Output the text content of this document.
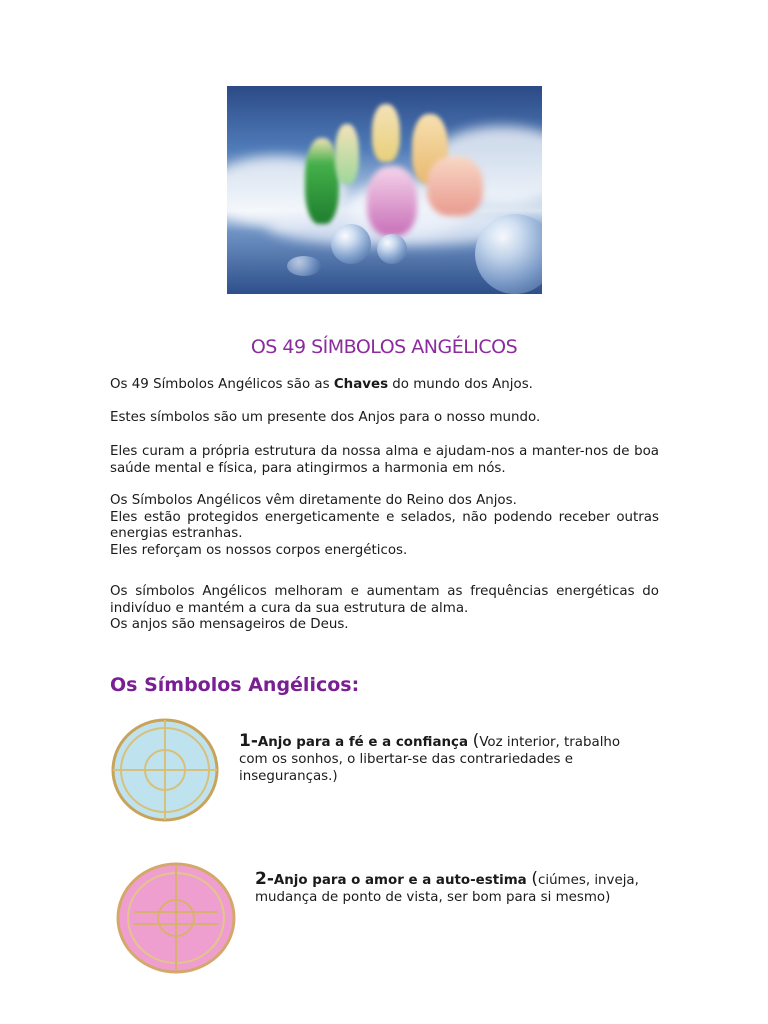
OS 49 SÍMBOLOS ANGÉLICOS

Os 49 Símbolos Angélicos são as Chaves do mundo dos Anjos.

Estes símbolos são um presente dos Anjos para o nosso mundo.

Eles curam a própria estrutura da nossa alma e ajudam-nos a manter-nos de boa saúde mental e física, para atingirmos a harmonia em nós.

Os Símbolos Angélicos vêm diretamente do Reino dos Anjos.
Eles estão protegidos energeticamente e selados, não podendo receber outras energias estranhas.
Eles reforçam os nossos corpos energéticos.
Os símbolos Angélicos melhoram e aumentam as frequências energéticas do indivíduo e mantém a cura da sua estrutura de alma.
Os anjos são mensageiros de Deus.
Os Símbolos Angélicos:

1-Anjo para a fé e a confiança (Voz interior, trabalho com os sonhos, o libertar-se das contrariedades e inseguranças.)

2-Anjo para o amor e a auto-estima (ciúmes, inveja, mudança de ponto de vista, ser bom para si mesmo)
